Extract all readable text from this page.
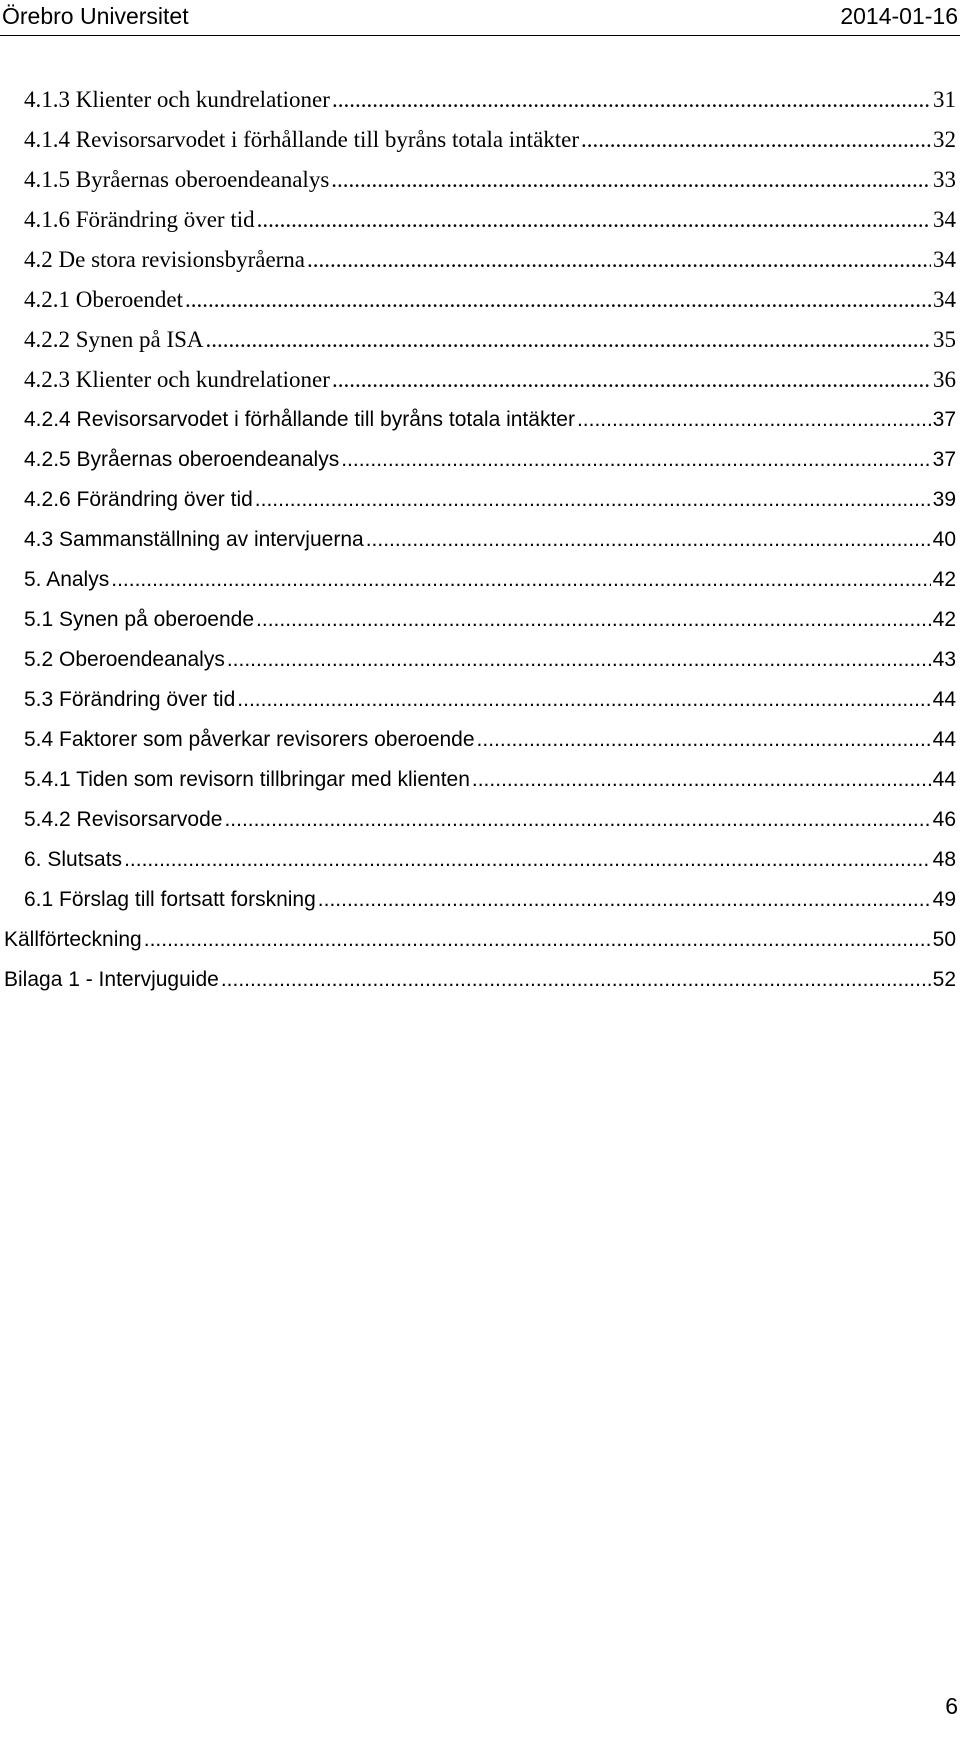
Örebro Universitet	2014-01-16
4.1.3 Klienter och kundrelationer .....	31
4.1.4 Revisorsarvodet i förhållande till byråns totala intäkter .....	32
4.1.5 Byråernas oberoendeanalys .....	33
4.1.6 Förändring över tid .....	34
4.2 De stora revisionsbyråerna .....	34
4.2.1 Oberoendet .....	34
4.2.2 Synen på ISA .....	35
4.2.3 Klienter och kundrelationer .....	36
4.2.4 Revisorsarvodet i förhållande till byråns totala intäkter .....	37
4.2.5 Byråernas oberoendeanalys .....	37
4.2.6 Förändring över tid .....	39
4.3 Sammanställning av intervjuerna .....	40
5. Analys .....	42
5.1 Synen på oberoende .....	42
5.2 Oberoendeanalys .....	43
5.3 Förändring över tid .....	44
5.4 Faktorer som påverkar revisorers oberoende .....	44
5.4.1 Tiden som revisorn tillbringar med klienten .....	44
5.4.2 Revisorsarvode .....	46
6. Slutsats .....	48
6.1 Förslag till fortsatt forskning .....	49
Källförteckning .....	50
Bilaga 1 - Intervjuguide .....	52
6
